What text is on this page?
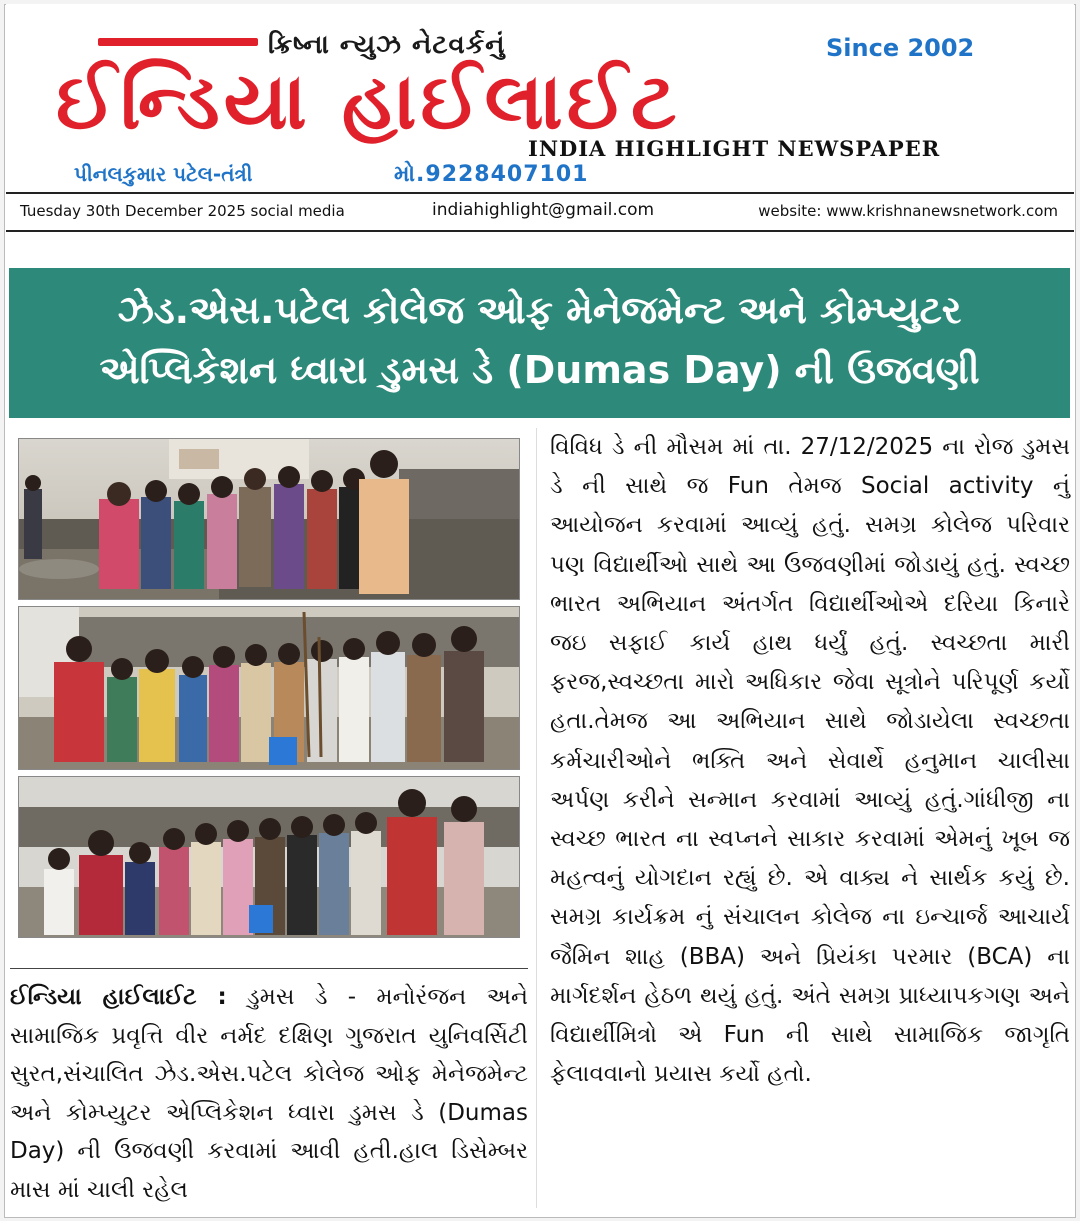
ક્રિષ્ના ન્યુઝ નેટવર્કનું	Since 2002
ઈન્ડિયા હાઈલાઈટ
INDIA HIGHLIGHT NEWSPAPER
પીનલકુમાર પટેલ-તંત્રી	મો.9228407101
Tuesday 30th December 2025 social media	indiahighlight@gmail.com	website: www.krishnanewsnetwork.com
ઝેડ.એસ.પટેલ કોલેજ ઓફ મેનેજમેન્ટ અને કોમ્પ્યુટર
એપ્લિકેશન ધ્વારા ડુમસ ડે (Dumas Day) ની ઉજવણી

વિવિધ ડે ની મૌસમ માં તા. 27/12/2025 ના રોજ ડુમસ ડે ની સાથે જ Fun તેમજ Social activity નું આયોજન કરવામાં આવ્યું હતું. સમગ્ર કોલેજ પરિવાર પણ વિદ્યાર્થીઓ સાથે આ ઉજવણીમાં જોડાયું હતું. સ્વચ્છ ભારત અભિયાન અંતર્ગત વિદ્યાર્થીઓએ દરિયા કિનારે જઇ સફાઈ કાર્ય હાથ ધર્યું હતું. સ્વચ્છતા મારી ફરજ,સ્વચ્છતા મારો અધિકાર જેવા સૂત્રોને પરિપૂર્ણ કર્યો હતા.તેમજ આ અભિયાન સાથે જોડાયેલા સ્વચ્છતા કર્મચારીઓને ભક્તિ અને સેવાર્થે હનુમાન ચાલીસા અર્પણ કરીને સન્માન કરવામાં આવ્યું હતું.ગાંધીજી ના સ્વચ્છ ભારત ના સ્વપ્નને સાકાર કરવામાં એમનું ખૂબ જ મહત્વનું યોગદાન રહ્યું છે. એ વાક્ય ને સાર્થક કયું છે. સમગ્ર કાર્યક્રમ નું સંચાલન કોલેજ ના ઇન્ચાર્જ આચાર્ય જૈમિન શાહ (BBA) અને પ્રિયંકા પરમાર (BCA) ના માર્ગદર્શન હેઠળ થયું હતું. અંતે સમગ્ર પ્રાધ્યાપકગણ અને વિદ્યાર્થીમિત્રો એ Fun ની સાથે સામાજિક જાગૃતિ ફેલાવવાનો પ્રયાસ કર્યો હતો.

ઈન્ડિયા હાઈલાઈટ : ડુમસ ડે - મનોરંજન અને સામાજિક પ્રવૃત્તિ વીર નર્મદ દક્ષિણ ગુજરાત યુનિવર્સિટી સુરત,સંચાલિત ઝેડ.એસ.પટેલ કોલેજ ઓફ મેનેજમેન્ટ અને કોમ્પ્યુટર એપ્લિકેશન ધ્વારા ડુમસ ડે (Dumas Day) ની ઉજવણી કરવામાં આવી હતી.હાલ ડિસેમ્બર માસ માં ચાલી રહેલ
